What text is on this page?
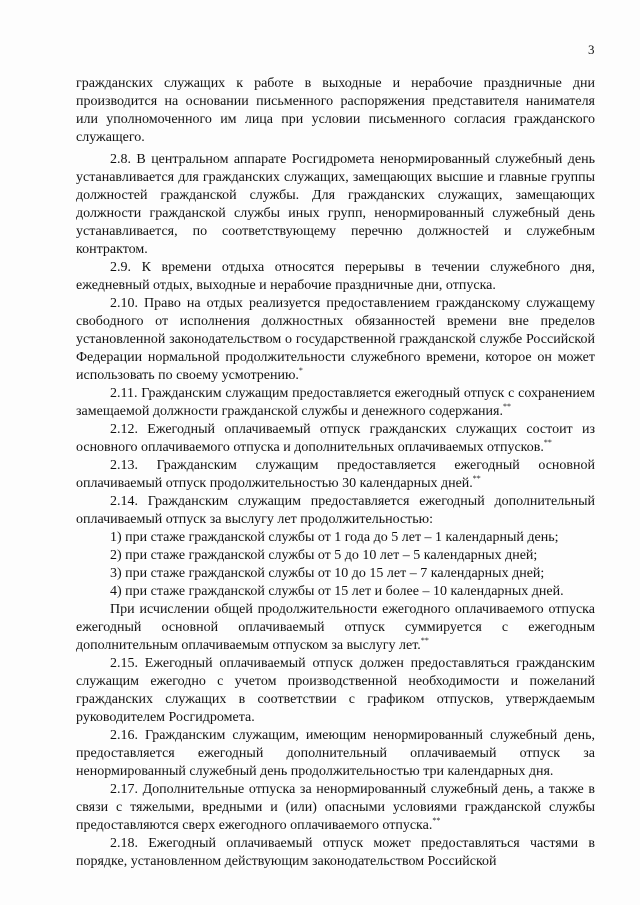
3

гражданских служащих к работе в выходные и нерабочие праздничные дни производится на основании письменного распоряжения представителя нанимателя или уполномоченного им лица при условии письменного согласия гражданского служащего.

2.8. В центральном аппарате Росгидромета ненормированный служебный день устанавливается для гражданских служащих, замещающих высшие и главные группы должностей гражданской службы. Для гражданских служащих, замещающих должности гражданской службы иных групп, ненормированный служебный день устанавливается, по соответствующему перечню должностей и служебным контрактом.

2.9. К времени отдыха относятся перерывы в течении служебного дня, ежедневный отдых, выходные и нерабочие праздничные дни, отпуска.

2.10. Право на отдых реализуется предоставлением гражданскому служащему свободного от исполнения должностных обязанностей времени вне пределов установленной законодательством о государственной гражданской службе Российской Федерации нормальной продолжительности служебного времени, которое он может использовать по своему усмотрению.*

2.11. Гражданским служащим предоставляется ежегодный отпуск с сохранением замещаемой должности гражданской службы и денежного содержания.**

2.12. Ежегодный оплачиваемый отпуск гражданских служащих состоит из основного оплачиваемого отпуска и дополнительных оплачиваемых отпусков.**

2.13. Гражданским служащим предоставляется ежегодный основной оплачиваемый отпуск продолжительностью 30 календарных дней.**

2.14. Гражданским служащим предоставляется ежегодный дополнительный оплачиваемый отпуск за выслугу лет продолжительностью:

1) при стаже гражданской службы от 1 года до 5 лет – 1 календарный день;

2) при стаже гражданской службы от 5 до 10 лет – 5 календарных дней;

3) при стаже гражданской службы от 10 до 15 лет – 7 календарных дней;

4) при стаже гражданской службы от 15 лет и более – 10 календарных дней.

При исчислении общей продолжительности ежегодного оплачиваемого отпуска ежегодный основной оплачиваемый отпуск суммируется с ежегодным дополнительным оплачиваемым отпуском за выслугу лет.**

2.15. Ежегодный оплачиваемый отпуск должен предоставляться гражданским служащим ежегодно с учетом производственной необходимости и пожеланий гражданских служащих в соответствии с графиком отпусков, утверждаемым руководителем Росгидромета.

2.16. Гражданским служащим, имеющим ненормированный служебный день, предоставляется ежегодный дополнительный оплачиваемый отпуск за ненормированный служебный день продолжительностью три календарных дня.

2.17. Дополнительные отпуска за ненормированный служебный день, а также в связи с тяжелыми, вредными и (или) опасными условиями гражданской службы предоставляются сверх ежегодного оплачиваемого отпуска.**

2.18. Ежегодный оплачиваемый отпуск может предоставляться частями в порядке, установленном действующим законодательством Российской
